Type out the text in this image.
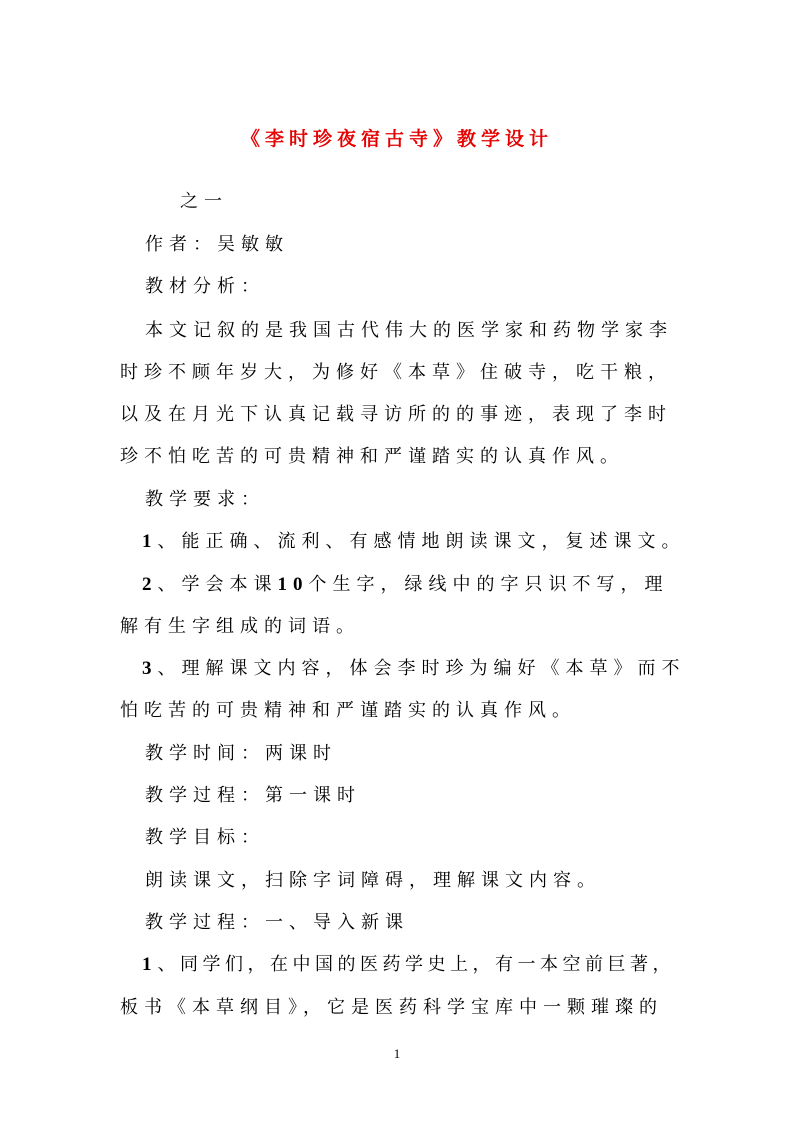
《李时珍夜宿古寺》教学设计
之一
作者：吴敏敏
教材分析：
本文记叙的是我国古代伟大的医学家和药物学家李
时珍不顾年岁大，为修好《本草》住破寺，吃干粮，
以及在月光下认真记载寻访所的的事迹，表现了李时
珍不怕吃苦的可贵精神和严谨踏实的认真作风。
教学要求：
1、能正确、流利、有感情地朗读课文，复述课文。
2、学会本课10个生字，绿线中的字只识不写，理
解有生字组成的词语。
3、理解课文内容，体会李时珍为编好《本草》而不
怕吃苦的可贵精神和严谨踏实的认真作风。
教学时间：两课时
教学过程：第一课时
教学目标：
朗读课文，扫除字词障碍，理解课文内容。
教学过程：一、导入新课
1、同学们，在中国的医药学史上，有一本空前巨著，
板书《本草纲目》，它是医药科学宝库中一颗璀璨的
1
